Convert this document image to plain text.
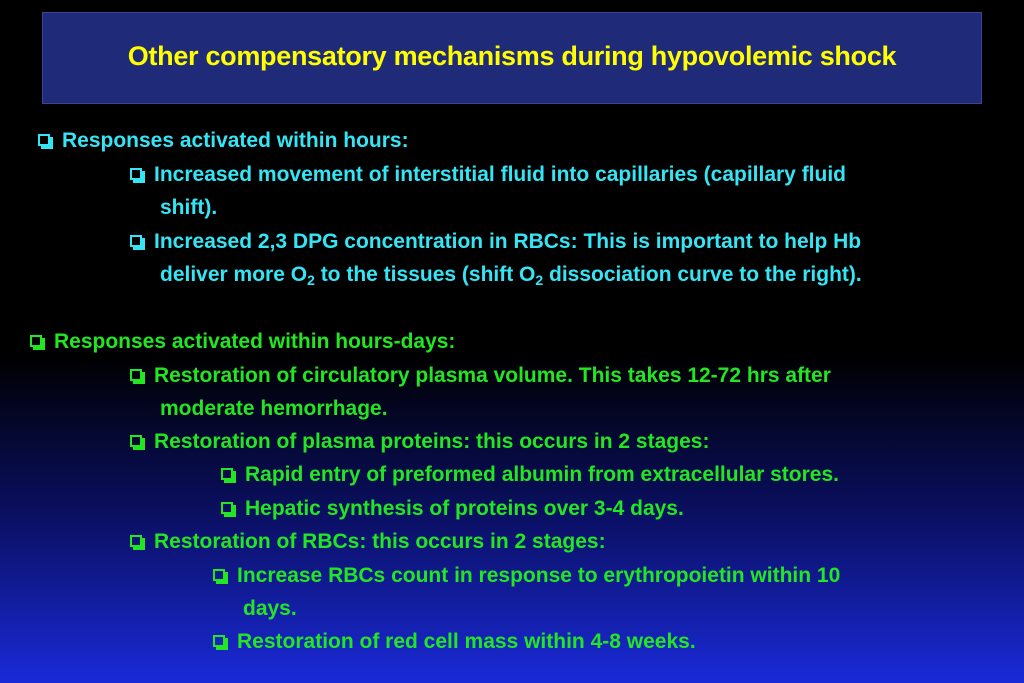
Other compensatory mechanisms during hypovolemic shock
Responses activated within hours:
Increased movement of interstitial fluid into capillaries (capillary fluid
shift).
Increased 2,3 DPG concentration in RBCs: This is important to help Hb
deliver more $O_2$ to the tissues (shift $O_2$ dissociation curve to the right).
Responses activated within hours-days:
Restoration of circulatory plasma volume. This takes 12-72 hrs after
moderate hemorrhage.
Restoration of plasma proteins: this occurs in 2 stages:
Rapid entry of preformed albumin from extracellular stores.
Hepatic synthesis of proteins over 3-4 days.
Restoration of RBCs: this occurs in 2 stages:
Increase RBCs count in response to erythropoietin within 10
days.
Restoration of red cell mass within 4-8 weeks.
